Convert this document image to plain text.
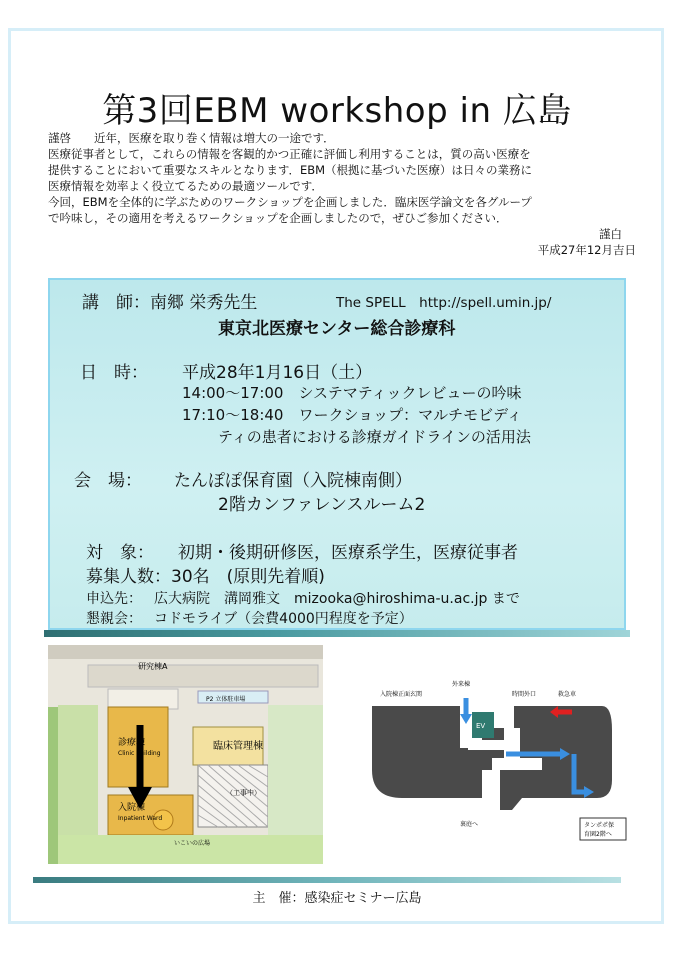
第3回EBM workshop in 広島

謹啓　　近年，医療を取り巻く情報は増大の一途です．

医療従事者として，これらの情報を客観的かつ正確に評価し利用することは，質の高い医療を

提供することにおいて重要なスキルとなります．EBM（根拠に基づいた医療）は日々の業務に

医療情報を効率よく役立てるための最適ツールです．

今回，EBMを全体的に学ぶためのワークショップを企画しました．臨床医学論文を各グループ

で吟味し，その適用を考えるワークショップを企画しましたので，ぜひご参加ください．

謹白

平成27年12月吉日

講　師：南郷 栄秀先生	The SPELL　http://spell.umin.jp/
東京北医療センター総合診療科
日　時： 平成28年1月16日（土）
14:00～17:00　システマティックレビューの吟味
17:10～18:40　ワークショップ：マルチモビディ
ティの患者における診療ガイドラインの活用法
会　場： たんぽぽ保育園（入院棟南側）
2階カンファレンスルーム2
対　象： 初期・後期研修医，医療系学生，医療従事者
募集人数：30名　(原則先着順)
申込先： 広大病院　溝岡雅文　mizooka@hiroshima-u.ac.jp まで
懇親会： コドモライブ（会費4000円程度を予定）
研究棟A
P2 立体駐車場
診療棟
Clinic Building
臨床管理棟
（工事中）
入院棟
Inpatient Ward
いこいの広場
EV
入院棟正面玄関
外来棟
時間外口	救急車
裏庭へ	タンポポ保
育園2階へ
主　催：感染症セミナー広島
